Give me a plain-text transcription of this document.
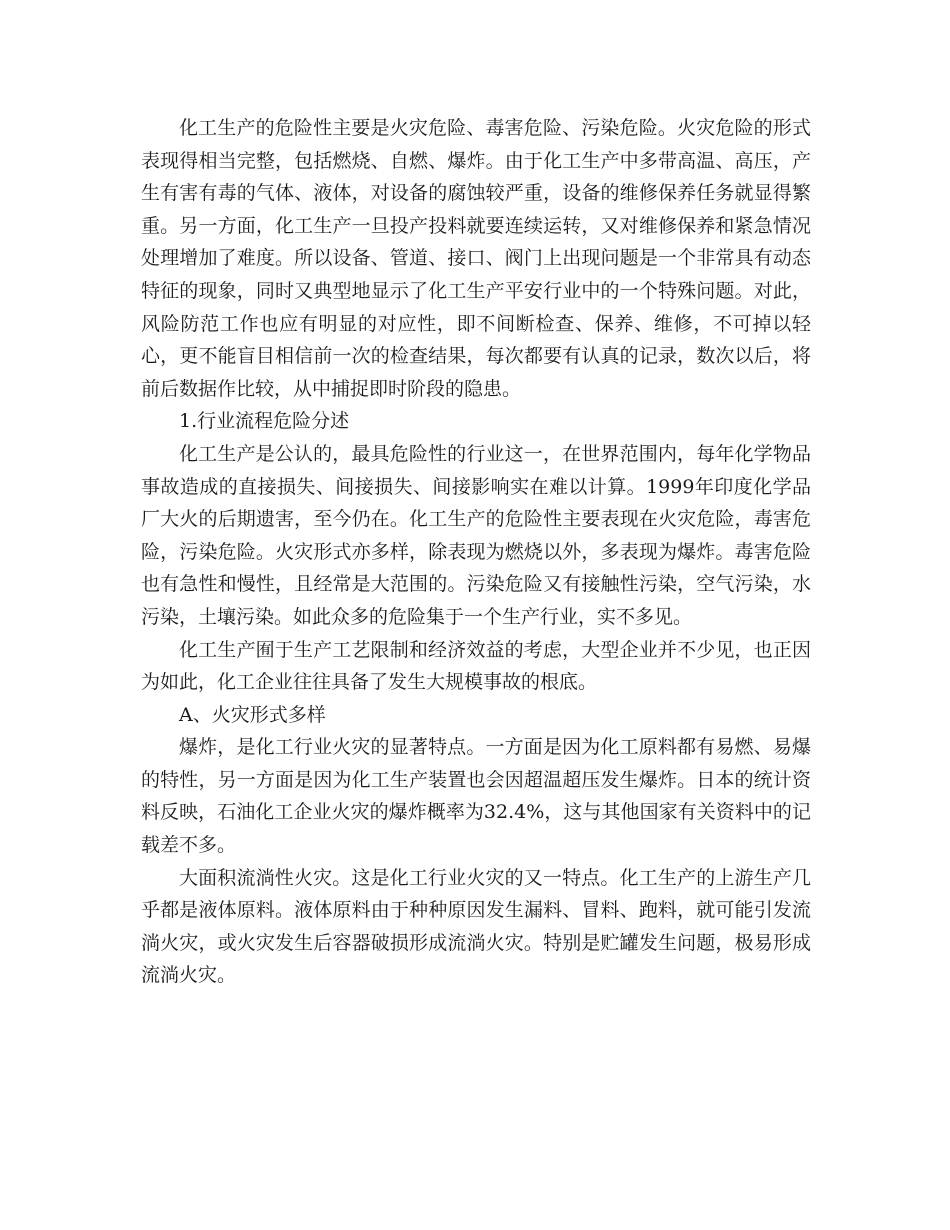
化工生产的危险性主要是火灾危险、毒害危险、污染危险。火灾危险的形式表现得相当完整，包括燃烧、自燃、爆炸。由于化工生产中多带高温、高压，产生有害有毒的气体、液体，对设备的腐蚀较严重，设备的维修保养任务就显得繁重。另一方面，化工生产一旦投产投料就要连续运转，又对维修保养和紧急情况处理增加了难度。所以设备、管道、接口、阀门上出现问题是一个非常具有动态特征的现象，同时又典型地显示了化工生产平安行业中的一个特殊问题。对此，风险防范工作也应有明显的对应性，即不间断检查、保养、维修，不可掉以轻心，更不能盲目相信前一次的检查结果，每次都要有认真的记录，数次以后，将前后数据作比较，从中捕捉即时阶段的隐患。

1.行业流程危险分述

化工生产是公认的，最具危险性的行业这一，在世界范围内，每年化学物品事故造成的直接损失、间接损失、间接影响实在难以计算。1999年印度化学品厂大火的后期遗害，至今仍在。化工生产的危险性主要表现在火灾危险，毒害危险，污染危险。火灾形式亦多样，除表现为燃烧以外，多表现为爆炸。毒害危险也有急性和慢性，且经常是大范围的。污染危险又有接触性污染，空气污染，水污染，土壤污染。如此众多的危险集于一个生产行业，实不多见。

化工生产囿于生产工艺限制和经济效益的考虑，大型企业并不少见，也正因为如此，化工企业往往具备了发生大规模事故的根底。

A、火灾形式多样

爆炸，是化工行业火灾的显著特点。一方面是因为化工原料都有易燃、易爆的特性，另一方面是因为化工生产装置也会因超温超压发生爆炸。日本的统计资料反映，石油化工企业火灾的爆炸概率为32.4%，这与其他国家有关资料中的记载差不多。

大面积流淌性火灾。这是化工行业火灾的又一特点。化工生产的上游生产几乎都是液体原料。液体原料由于种种原因发生漏料、冒料、跑料，就可能引发流淌火灾，或火灾发生后容器破损形成流淌火灾。特别是贮罐发生问题，极易形成流淌火灾。
